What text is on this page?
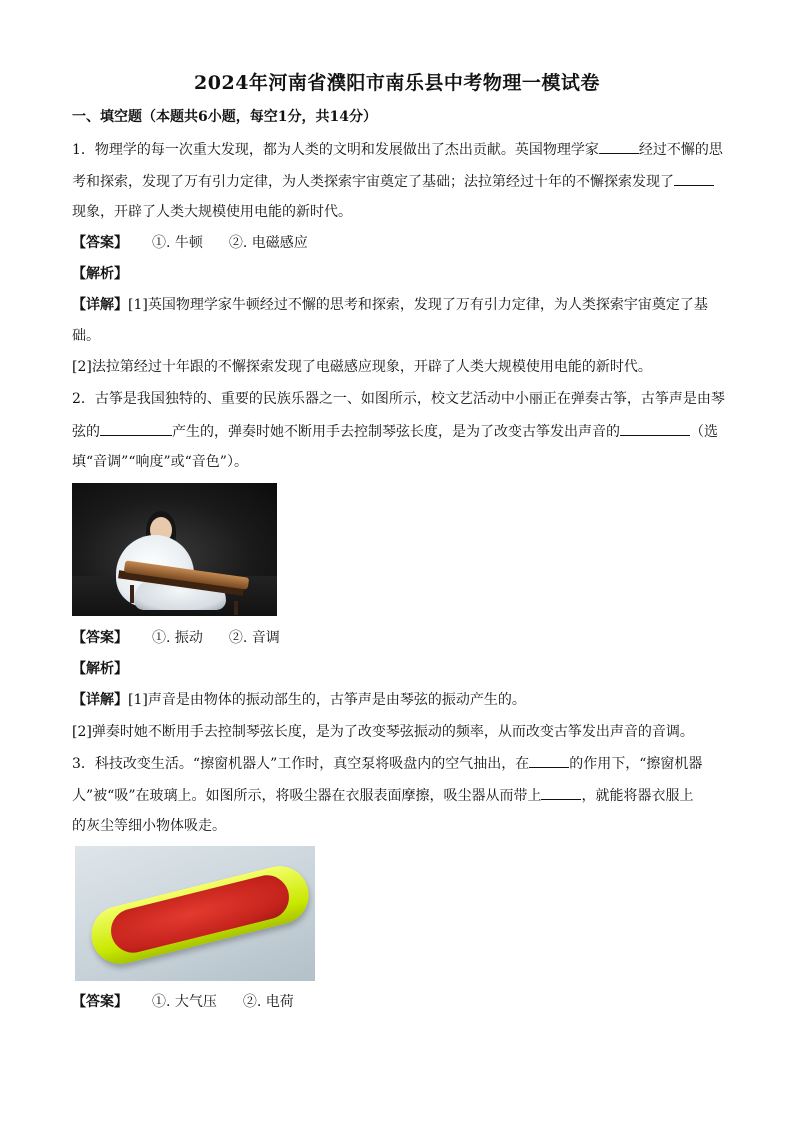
2024年河南省濮阳市南乐县中考物理一模试卷
一、填空题（本题共6小题，每空1分，共14分）
1．物理学的每一次重大发现，都为人类的文明和发展做出了杰出贡献。英国物理学家	经过不懈的思
考和探索，发现了万有引力定律，为人类探索宇宙奠定了基础；法拉第经过十年的不懈探索发现了
现象，开辟了人类大规模使用电能的新时代。
【答案】 ①. 牛顿 ②. 电磁感应
【解析】
【详解】[1]英国物理学家牛顿经过不懈的思考和探索，发现了万有引力定律，为人类探索宇宙奠定了基
础。
[2]法拉第经过十年跟的不懈探索发现了电磁感应现象，开辟了人类大规模使用电能的新时代。
2．古筝是我国独特的、重要的民族乐器之一、如图所示，校文艺活动中小丽正在弹奏古筝，古筝声是由琴
弦的	产生的，弹奏时她不断用手去控制琴弦长度，是为了改变古筝发出声音的	（选
填“音调”“响度”或“音色”）。
【答案】 ①. 振动 ②. 音调
【解析】
【详解】[1]声音是由物体的振动部生的，古筝声是由琴弦的振动产生的。
[2]弹奏时她不断用手去控制琴弦长度，是为了改变琴弦振动的频率，从而改变古筝发出声音的音调。
3．科技改变生活。“擦窗机器人”工作时，真空泵将吸盘内的空气抽出，在	的作用下，“擦窗机器
人”被“吸”在玻璃上。如图所示，将吸尘器在衣服表面摩擦，吸尘器从而带上	，就能将器衣服上
的灰尘等细小物体吸走。
【答案】 ①. 大气压 ②. 电荷
